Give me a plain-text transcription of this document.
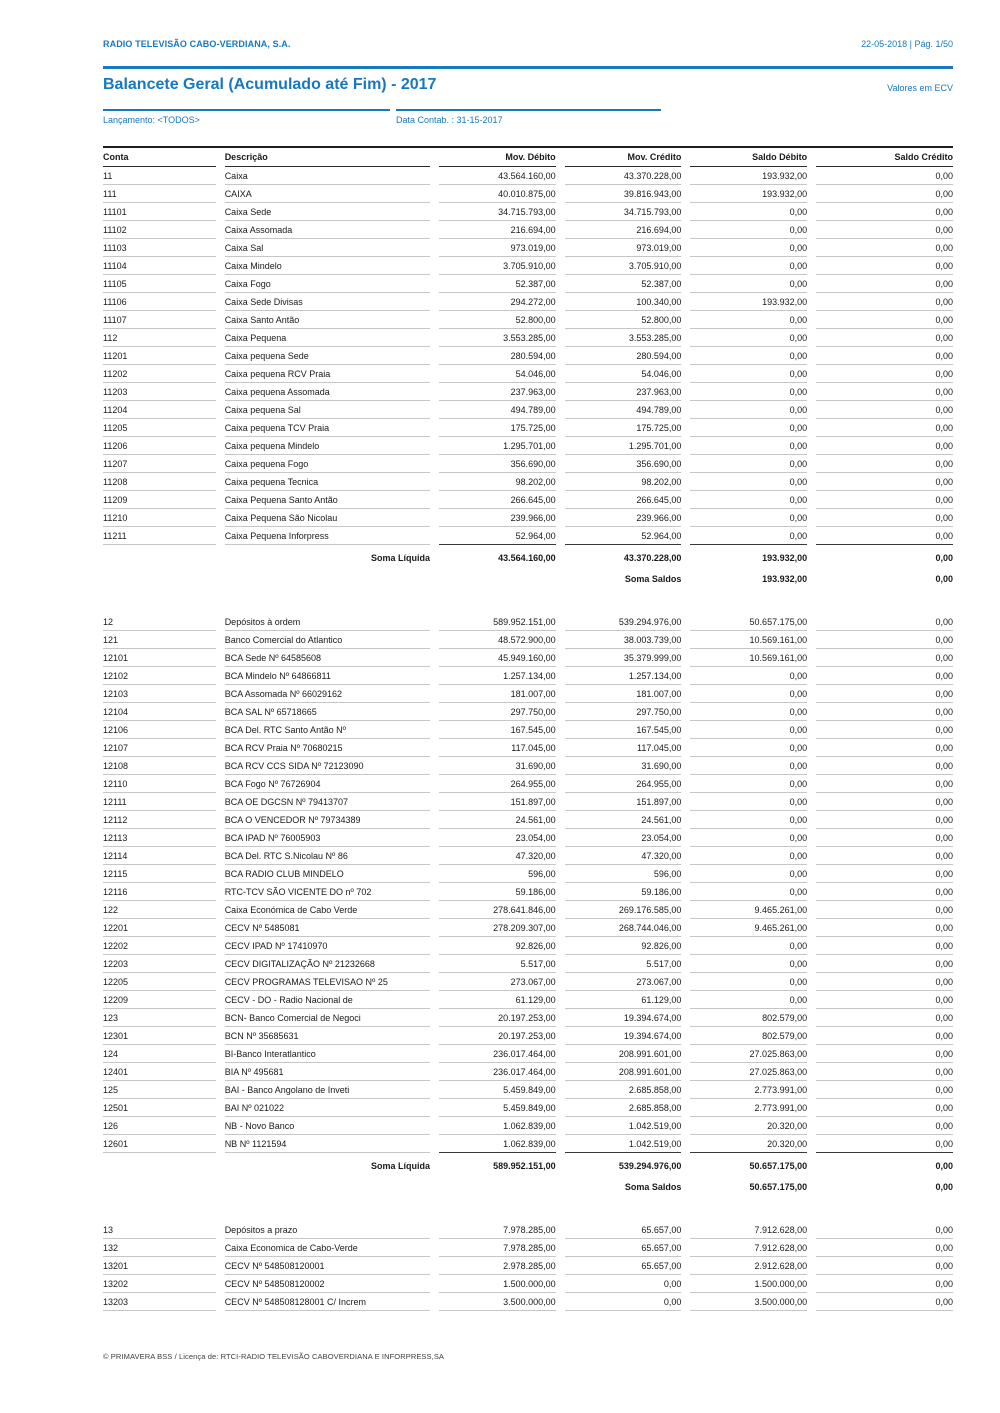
RADIO TELEVISÃO CABO-VERDIANA, S.A.	22-05-2018 | Pág. 1/50
Balancete Geral (Acumulado até Fim) - 2017	Valores em ECV
Lançamento: <TODOS>	Data Contab. : 31-15-2017
Conta	Descrição	Mov. Débito	Mov. Crédito	Saldo Débito	Saldo Crédito
11	Caixa	43.564.160,00	43.370.228,00	193.932,00	0,00
111	CAIXA	40.010.875,00	39.816.943,00	193.932,00	0,00
11101	Caixa Sede	34.715.793,00	34.715.793,00	0,00	0,00
11102	Caixa Assomada	216.694,00	216.694,00	0,00	0,00
11103	Caixa Sal	973.019,00	973.019,00	0,00	0,00
11104	Caixa Mindelo	3.705.910,00	3.705.910,00	0,00	0,00
11105	Caixa Fogo	52.387,00	52.387,00	0,00	0,00
11106	Caixa Sede Divisas	294.272,00	100.340,00	193.932,00	0,00
11107	Caixa Santo Antão	52.800,00	52.800,00	0,00	0,00
112	Caixa Pequena	3.553.285,00	3.553.285,00	0,00	0,00
11201	Caixa pequena Sede	280.594,00	280.594,00	0,00	0,00
11202	Caixa pequena RCV Praia	54.046,00	54.046,00	0,00	0,00
11203	Caixa pequena Assomada	237.963,00	237.963,00	0,00	0,00
11204	Caixa pequena Sal	494.789,00	494.789,00	0,00	0,00
11205	Caixa pequena TCV Praia	175.725,00	175.725,00	0,00	0,00
11206	Caixa pequena Mindelo	1.295.701,00	1.295.701,00	0,00	0,00
11207	Caixa pequena Fogo	356.690,00	356.690,00	0,00	0,00
11208	Caixa pequena Tecnica	98.202,00	98.202,00	0,00	0,00
11209	Caixa Pequena Santo Antão	266.645,00	266.645,00	0,00	0,00
11210	Caixa Pequena São Nicolau	239.966,00	239.966,00	0,00	0,00
11211	Caixa Pequena Inforpress	52.964,00	52.964,00	0,00	0,00
	Soma Líquida	43.564.160,00	43.370.228,00	193.932,00	0,00
			Soma Saldos	193.932,00	0,00

12	Depósitos à ordem	589.952.151,00	539.294.976,00	50.657.175,00	0,00
121	Banco Comercial do Atlantico	48.572.900,00	38.003.739,00	10.569.161,00	0,00
12101	BCA Sede Nº 64585608	45.949.160,00	35.379.999,00	10.569.161,00	0,00
12102	BCA Mindelo Nº 64866811	1.257.134,00	1.257.134,00	0,00	0,00
12103	BCA Assomada Nº 66029162	181.007,00	181.007,00	0,00	0,00
12104	BCA SAL Nº 65718665	297.750,00	297.750,00	0,00	0,00
12106	BCA Del. RTC Santo Antão Nº	167.545,00	167.545,00	0,00	0,00
12107	BCA RCV Praia Nº 70680215	117.045,00	117.045,00	0,00	0,00
12108	BCA RCV CCS SIDA Nº 72123090	31.690,00	31.690,00	0,00	0,00
12110	BCA Fogo Nº 76726904	264.955,00	264.955,00	0,00	0,00
12111	BCA OE DGCSN Nº 79413707	151.897,00	151.897,00	0,00	0,00
12112	BCA O VENCEDOR Nº 79734389	24.561,00	24.561,00	0,00	0,00
12113	BCA IPAD Nº 76005903	23.054,00	23.054,00	0,00	0,00
12114	BCA Del. RTC S.Nicolau Nº 86	47.320,00	47.320,00	0,00	0,00
12115	BCA RADIO CLUB MINDELO	596,00	596,00	0,00	0,00
12116	RTC-TCV SÃO VICENTE DO nº 702	59.186,00	59.186,00	0,00	0,00
122	Caixa Económica de Cabo Verde	278.641.846,00	269.176.585,00	9.465.261,00	0,00
12201	CECV Nº 5485081	278.209.307,00	268.744.046,00	9.465.261,00	0,00
12202	CECV IPAD Nº 17410970	92.826,00	92.826,00	0,00	0,00
12203	CECV DIGITALIZAÇÃO Nº 21232668	5.517,00	5.517,00	0,00	0,00
12205	CECV PROGRAMAS TELEVISAO Nº 25	273.067,00	273.067,00	0,00	0,00
12209	CECV - DO - Radio Nacional de	61.129,00	61.129,00	0,00	0,00
123	BCN- Banco Comercial de Negoci	20.197.253,00	19.394.674,00	802.579,00	0,00
12301	BCN Nº 35685631	20.197.253,00	19.394.674,00	802.579,00	0,00
124	BI-Banco Interatlantico	236.017.464,00	208.991.601,00	27.025.863,00	0,00
12401	BIA Nº 495681	236.017.464,00	208.991.601,00	27.025.863,00	0,00
125	BAI - Banco Angolano de Inveti	5.459.849,00	2.685.858,00	2.773.991,00	0,00
12501	BAI Nº 021022	5.459.849,00	2.685.858,00	2.773.991,00	0,00
126	NB - Novo Banco	1.062.839,00	1.042.519,00	20.320,00	0,00
12601	NB Nº 1121594	1.062.839,00	1.042.519,00	20.320,00	0,00
	Soma Líquida	589.952.151,00	539.294.976,00	50.657.175,00	0,00
			Soma Saldos	50.657.175,00	0,00

13	Depósitos a prazo	7.978.285,00	65.657,00	7.912.628,00	0,00
132	Caixa Economica de Cabo-Verde	7.978.285,00	65.657,00	7.912.628,00	0,00
13201	CECV Nº 548508120001	2.978.285,00	65.657,00	2.912.628,00	0,00
13202	CECV Nº 548508120002	1.500.000,00	0,00	1.500.000,00	0,00
13203	CECV Nº 548508128001 C/ Increm	3.500.000,00	0,00	3.500.000,00	0,00
© PRIMAVERA BSS / Licença de: RTCI-RADIO TELEVISÃO CABOVERDIANA E INFORPRESS,SA
